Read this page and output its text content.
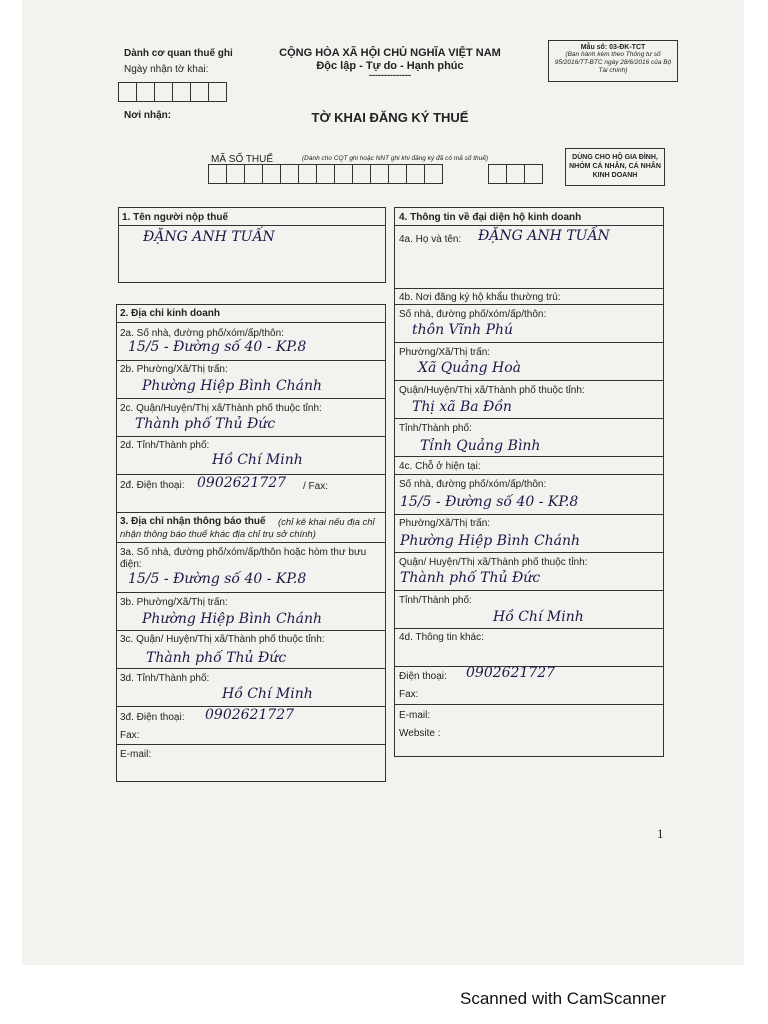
Dành cơ quan thuế ghi
Ngày nhận tờ khai:
Nơi nhận:
CỘNG HÒA XÃ HỘI CHỦ NGHĨA VIỆT NAM
Độc lập - Tự do - Hạnh phúc
--------------
TỜ KHAI ĐĂNG KÝ THUẾ
Mẫu số: 03-ĐK-TCT
(Ban hành kèm theo Thông tư số 95/2016/TT-BTC ngày 28/6/2016 của Bộ Tài chính)
MÃ SỐ THUẾ	(Dành cho CQT ghi hoặc NNT ghi khi đăng ký đã có mã số thuế)	DÙNG CHO HỘ GIA ĐÌNH, NHÓM CÁ NHÂN, CÁ NHÂN KINH DOANH
1. Tên người nộp thuế
ĐẶNG ANH TUẤN
2. Địa chỉ kinh doanh
2a. Số nhà, đường phố/xóm/ấp/thôn:
15/5 - Đường số 40 - KP.8
2b. Phường/Xã/Thị trấn:
Phường Hiệp Bình Chánh
2c. Quận/Huyện/Thị xã/Thành phố thuộc tỉnh:
Thành phố Thủ Đức
2d. Tỉnh/Thành phố:
Hồ Chí Minh
2đ. Điện thoại: 0902621727 / Fax:
3. Địa chỉ nhận thông báo thuế	(chỉ kê khai nếu địa chỉ nhận thông báo thuế khác địa chỉ trụ sở chính)
3a. Số nhà, đường phố/xóm/ấp/thôn hoặc hòm thư bưu điện:
15/5 - Đường số 40 - KP.8
3b. Phường/Xã/Thị trấn:
Phường Hiệp Bình Chánh
3c. Quận/ Huyện/Thị xã/Thành phố thuộc tỉnh:
Thành phố Thủ Đức
3d. Tỉnh/Thành phố:
Hồ Chí Minh
3đ. Điện thoại: 0902621727
Fax:
E-mail:
4. Thông tin về đại diện hộ kinh doanh
4a. Họ và tên: ĐẶNG ANH TUẤN
4b. Nơi đăng ký hộ khẩu thường trú:
Số nhà, đường phố/xóm/ấp/thôn:
thôn Vĩnh Phú
Phường/Xã/Thị trấn:
Xã Quảng Hoà
Quận/Huyện/Thị xã/Thành phố thuộc tỉnh:
Thị xã Ba Đồn
Tỉnh/Thành phố:
Tỉnh Quảng Bình
4c. Chỗ ở hiện tại:
Số nhà, đường phố/xóm/ấp/thôn:
15/5 - Đường số 40 - KP.8
Phường/Xã/Thị trấn:
Phường Hiệp Bình Chánh
Quận/ Huyện/Thị xã/Thành phố thuộc tỉnh:
Thành phố Thủ Đức
Tỉnh/Thành phố:
Hồ Chí Minh
4d. Thông tin khác:
Điện thoại: 0902621727
Fax:
E-mail:
Website :
1
Scanned with CamScanner
